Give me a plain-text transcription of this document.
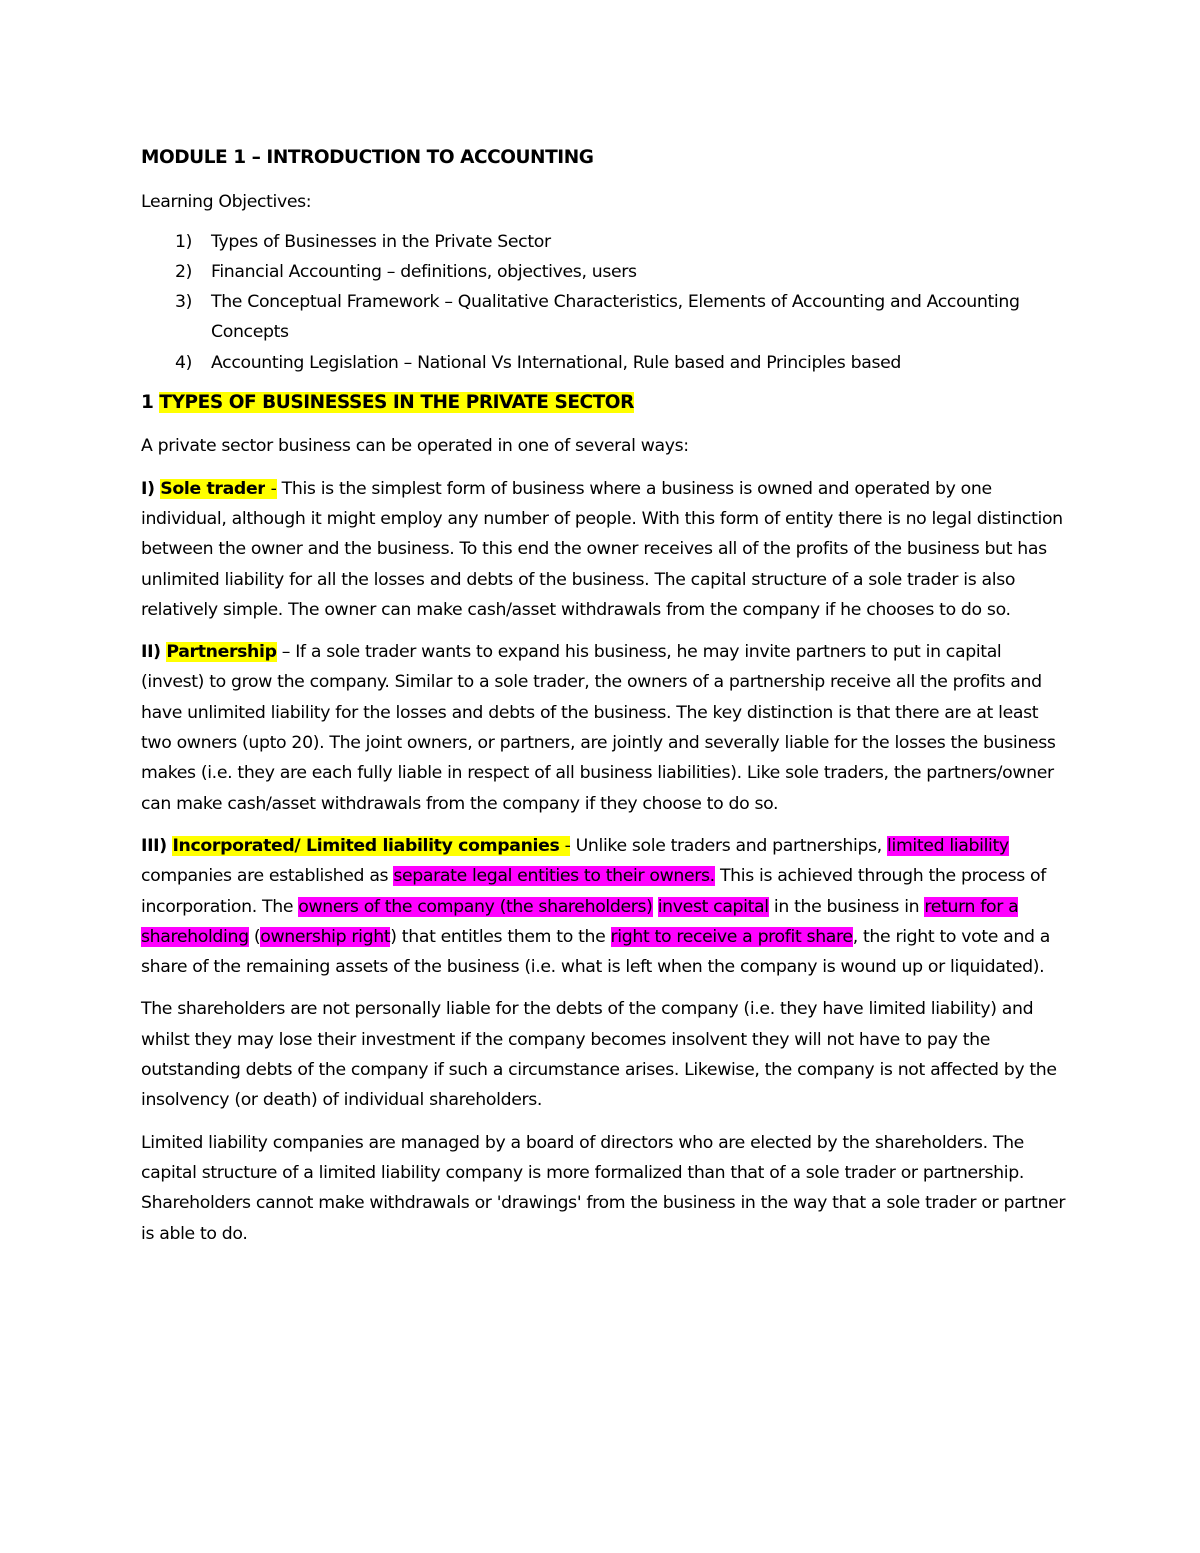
MODULE 1 – INTRODUCTION TO ACCOUNTING
Learning Objectives:
1) Types of Businesses in the Private Sector
2) Financial Accounting – definitions, objectives, users
3) The Conceptual Framework – Qualitative Characteristics, Elements of Accounting and Accounting Concepts
4) Accounting Legislation – National Vs International, Rule based and Principles based
1 TYPES OF BUSINESSES IN THE PRIVATE SECTOR

A private sector business can be operated in one of several ways:

I) Sole trader - This is the simplest form of business where a business is owned and operated by one individual, although it might employ any number of people. With this form of entity there is no legal distinction between the owner and the business. To this end the owner receives all of the profits of the business but has unlimited liability for all the losses and debts of the business. The capital structure of a sole trader is also relatively simple. The owner can make cash/asset withdrawals from the company if he chooses to do so.

II) Partnership – If a sole trader wants to expand his business, he may invite partners to put in capital (invest) to grow the company. Similar to a sole trader, the owners of a partnership receive all the profits and have unlimited liability for the losses and debts of the business. The key distinction is that there are at least two owners (upto 20). The joint owners, or partners, are jointly and severally liable for the losses the business makes (i.e. they are each fully liable in respect of all business liabilities). Like sole traders, the partners/owner can make cash/asset withdrawals from the company if they choose to do so.

III) Incorporated/ Limited liability companies - Unlike sole traders and partnerships, limited liability companies are established as separate legal entities to their owners. This is achieved through the process of incorporation. The owners of the company (the shareholders) invest capital in the business in return for a shareholding (ownership right) that entitles them to the right to receive a profit share, the right to vote and a share of the remaining assets of the business (i.e. what is left when the company is wound up or liquidated).

The shareholders are not personally liable for the debts of the company (i.e. they have limited liability) and whilst they may lose their investment if the company becomes insolvent they will not have to pay the outstanding debts of the company if such a circumstance arises. Likewise, the company is not affected by the insolvency (or death) of individual shareholders.

Limited liability companies are managed by a board of directors who are elected by the shareholders. The capital structure of a limited liability company is more formalized than that of a sole trader or partnership. Shareholders cannot make withdrawals or 'drawings' from the business in the way that a sole trader or partner is able to do.
